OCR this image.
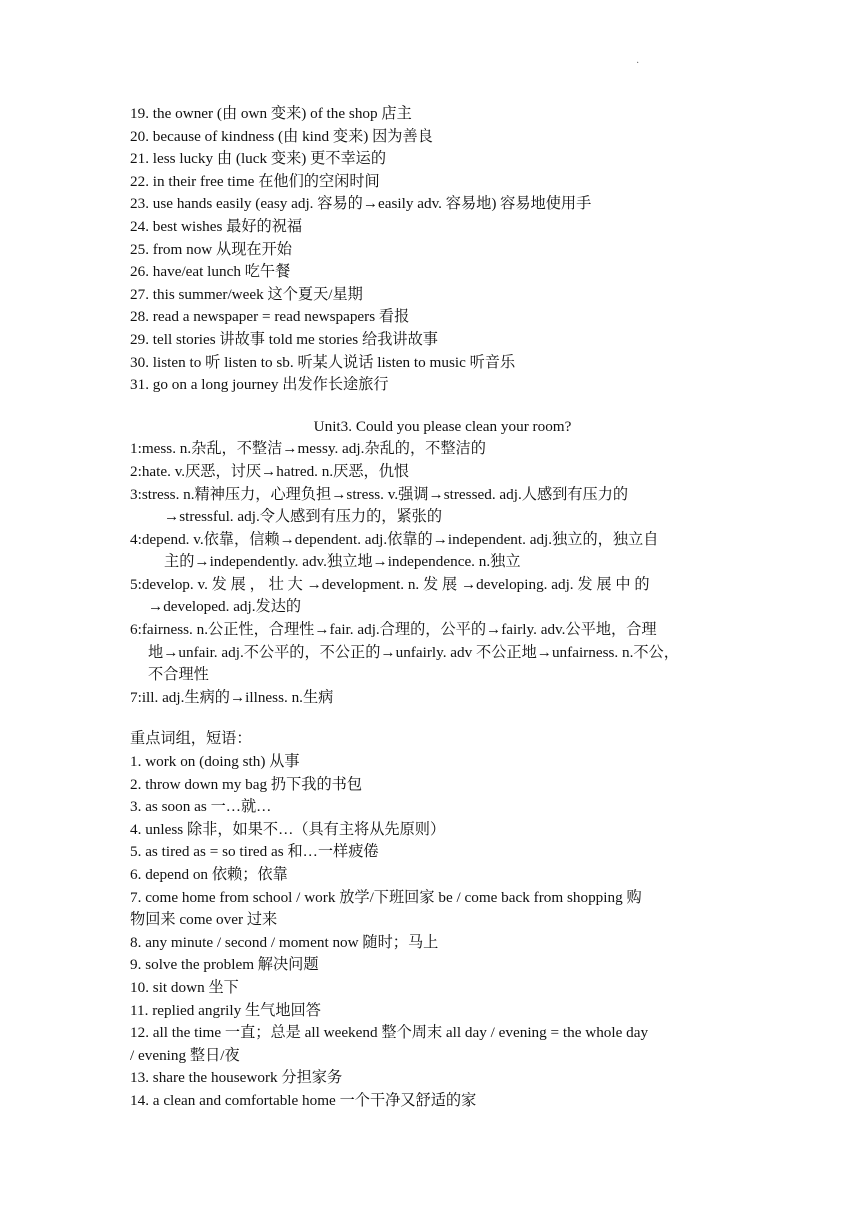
·
19. the owner (由 own 变来) of the shop 店主
20. because of kindness (由 kind 变来) 因为善良
21. less lucky 由 (luck 变来) 更不幸运的
22. in their free time 在他们的空闲时间
23. use hands easily (easy adj. 容易的→easily adv. 容易地) 容易地使用手
24. best wishes 最好的祝福
25. from now 从现在开始
26. have/eat lunch 吃午餐
27. this summer/week 这个夏天/星期
28. read a newspaper = read newspapers 看报
29. tell stories 讲故事 told me stories 给我讲故事
30. listen to 听 listen to sb. 听某人说话 listen to music 听音乐
31. go on a long journey 出发作长途旅行
Unit3. Could you please clean your room?
1:mess. n.杂乱，不整洁→messy. adj.杂乱的，不整洁的
2:hate. v.厌恶，讨厌→hatred. n.厌恶，仇恨
3:stress. n.精神压力，心理负担→stress. v.强调→stressed. adj.人感到有压力的
→stressful. adj.令人感到有压力的，紧张的
4:depend. v.依靠，信赖→dependent. adj.依靠的→independent. adj.独立的，独立自
主的→independently. adv.独立地→independence. n.独立
5:develop. v. 发 展 ， 壮 大 →development. n. 发 展 →developing. adj. 发 展 中 的
→developed. adj.发达的
6:fairness. n.公正性，合理性→fair. adj.合理的，公平的→fairly. adv.公平地，合理
地→unfair. adj.不公平的，不公正的→unfairly. adv 不公正地→unfairness. n.不公，
不合理性
7:ill. adj.生病的→illness. n.生病
重点词组，短语：
1. work on (doing sth) 从事
2. throw down my bag 扔下我的书包
3. as soon as 一…就…
4. unless 除非，如果不…（具有主将从先原则）
5. as tired as = so tired as 和…一样疲倦
6. depend on 依赖；依靠
7. come home from school / work 放学/下班回家 be / come back from shopping 购
物回来 come over 过来
8. any minute / second / moment now 随时；马上
9. solve the problem 解决问题
10. sit down 坐下
11. replied angrily 生气地回答
12. all the time 一直；总是 all weekend 整个周末 all day / evening = the whole day
/ evening 整日/夜
13. share the housework 分担家务
14. a clean and comfortable home 一个干净又舒适的家
